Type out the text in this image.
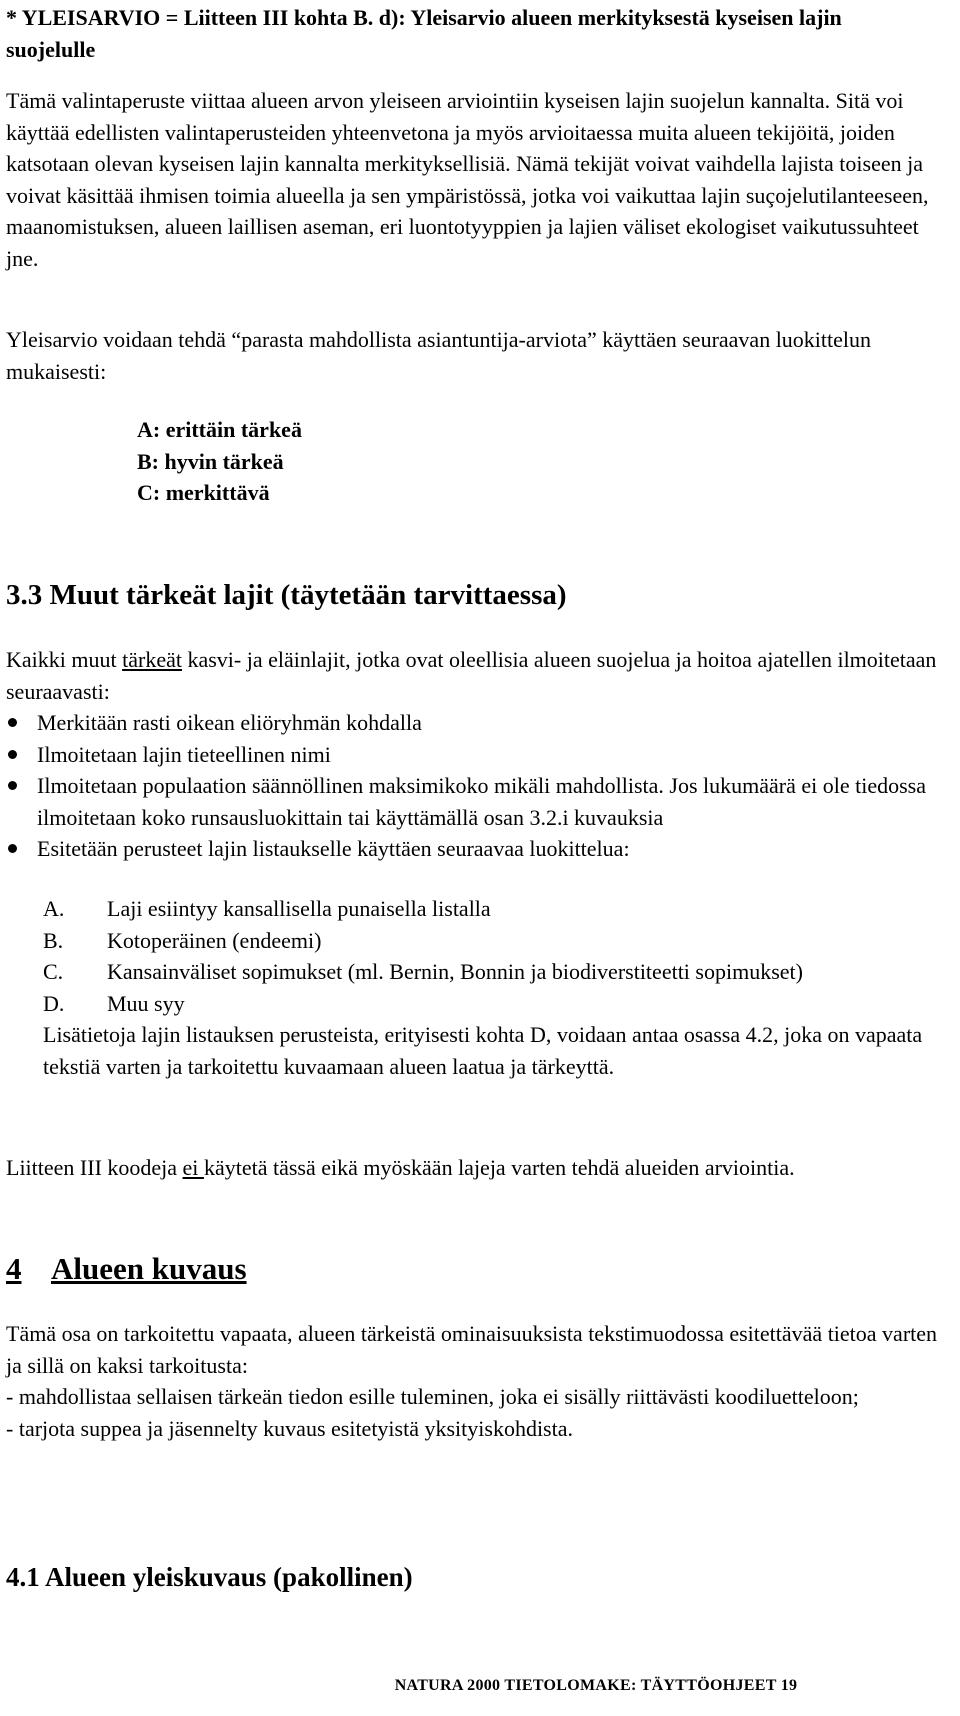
* YLEISARVIO = Liitteen III kohta B. d): Yleisarvio alueen merkityksestä kyseisen lajin suojelulle

Tämä valintaperuste viittaa alueen arvon yleiseen arviointiin kyseisen lajin suojelun kannalta. Sitä voi käyttää edellisten valintaperusteiden yhteenvetona ja myös arvioitaessa muita alueen tekijöitä, joiden katsotaan olevan kyseisen lajin kannalta merkityksellisiä. Nämä tekijät voivat vaihdella lajista toiseen ja voivat käsittää ihmisen toimia alueella ja sen ympäristössä, jotka voi vaikuttaa lajin suçojelutilanteeseen, maanomistuksen, alueen laillisen aseman, eri luontotyyppien ja lajien väliset ekologiset vaikutussuhteet jne.

Yleisarvio voidaan tehdä “parasta mahdollista asiantuntija-arviota” käyttäen seuraavan luokittelun mukaisesti:

A: erittäin tärkeä
B: hyvin tärkeä
C: merkittävä
3.3 Muut tärkeät lajit (täytetään tarvittaessa)

Kaikki muut tärkeät kasvi- ja eläinlajit, jotka ovat oleellisia alueen suojelua ja hoitoa ajatellen ilmoitetaan seuraavasti:

Merkitään rasti oikean eliöryhmän kohdalla
Ilmoitetaan lajin tieteellinen nimi
Ilmoitetaan populaation säännöllinen maksimikoko mikäli mahdollista. Jos lukumäärä ei ole tiedossa ilmoitetaan koko runsausluokittain tai käyttämällä osan 3.2.i kuvauksia
Esitetään perusteet lajin listaukselle käyttäen seuraavaa luokittelua:
A.	Laji esiintyy kansallisella punaisella listalla
B.	Kotoperäinen (endeemi)
C.	Kansainväliset sopimukset (ml. Bernin, Bonnin ja biodiverstiteetti sopimukset)
D.	Muu syy
Lisätietoja lajin listauksen perusteista, erityisesti kohta D, voidaan antaa osassa 4.2, joka on vapaata tekstiä varten ja tarkoitettu kuvaamaan alueen laatua ja tärkeyttä.

Liitteen III koodeja ei käytetä tässä eikä myöskään lajeja varten tehdä alueiden arviointia.

4 Alueen kuvaus

Tämä osa on tarkoitettu vapaata, alueen tärkeistä ominaisuuksista tekstimuodossa esitettävää tietoa varten ja sillä on kaksi tarkoitusta:

- mahdollistaa sellaisen tärkeän tiedon esille tuleminen, joka ei sisälly riittävästi koodiluetteloon;

- tarjota suppea ja jäsennelty kuvaus esitetyistä yksityiskohdista.

4.1 Alueen yleiskuvaus (pakollinen)
NATURA 2000 TIETOLOMAKE: TÄYTTÖOHJEET 19
